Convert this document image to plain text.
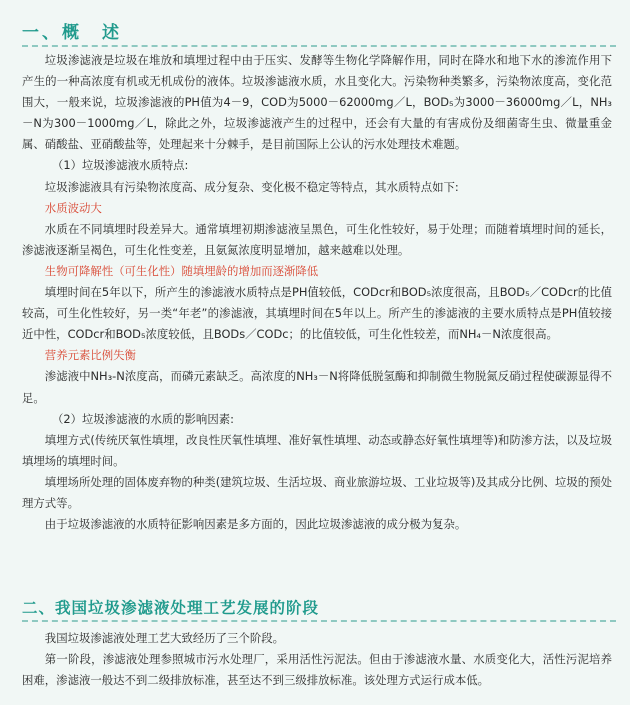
一、概　述

垃圾渗滤液是垃圾在堆放和填埋过程中由于压实、发酵等生物化学降解作用，同时在降水和地下水的渗流作用下产生的一种高浓度有机或无机成份的液体。垃圾渗滤液水质，水且变化大。污染物种类繁多，污染物浓度高，变化范围大，一般来说，垃圾渗滤液的PH值为4－9，COD为5000－62000mg／L，BOD₅为3000－36000mg／L，NH₃－N为300－1000mg／L，除此之外，垃圾渗滤液产生的过程中，还会有大量的有害成份及细菌寄生虫、微量重金属、硝酸盐、亚硝酸盐等，处理起来十分棘手，是目前国际上公认的污水处理技术难题。

（1）垃圾渗滤液水质特点:

垃圾渗滤液具有污染物浓度高、成分复杂、变化极不稳定等特点，其水质特点如下:

水质波动大

水质在不同填埋时段差异大。通常填埋初期渗滤液呈黑色，可生化性较好，易于处理；而随着填埋时间的延长，渗滤液逐渐呈褐色，可生化性变差，且氨氮浓度明显增加，越来越难以处理。

生物可降解性（可生化性）随填埋龄的增加而逐渐降低

填埋时间在5年以下，所产生的渗滤液水质特点是PH值较低，CODcr和BOD₅浓度很高，且BOD₅／CODcr的比值较高，可生化性较好，另一类“年老”的渗滤液，其填埋时间在5年以上。所产生的渗滤液的主要水质特点是PH值较接近中性，CODcr和BOD₅浓度较低，且BODs／CODc；的比值较低，可生化性较差，而NH₄－N浓度很高。

营养元素比例失衡

渗滤液中NH₃-N浓度高，而磷元素缺乏。高浓度的NH₃－N将降低脱氢酶和抑制微生物脱氮反硝过程使碳源显得不足。

（2）垃圾渗滤液的水质的影响因素:

填埋方式(传统厌氧性填埋，改良性厌氧性填埋、准好氧性填埋、动态或静态好氧性填埋等)和防渗方法，以及垃圾填埋场的填埋时间。

填埋场所处理的固体废弃物的种类(建筑垃圾、生活垃圾、商业旅游垃圾、工业垃圾等)及其成分比例、垃圾的预处理方式等。

由于垃圾渗滤液的水质特征影响因素是多方面的，因此垃圾渗滤液的成分极为复杂。

二、我国垃圾渗滤液处理工艺发展的阶段

我国垃圾渗滤液处理工艺大致经历了三个阶段。

第一阶段，渗滤液处理参照城市污水处理厂，采用活性污泥法。但由于渗滤液水量、水质变化大，活性污泥培养困难，渗滤液一般达不到二级排放标准，甚至达不到三级排放标准。该处理方式运行成本低。
